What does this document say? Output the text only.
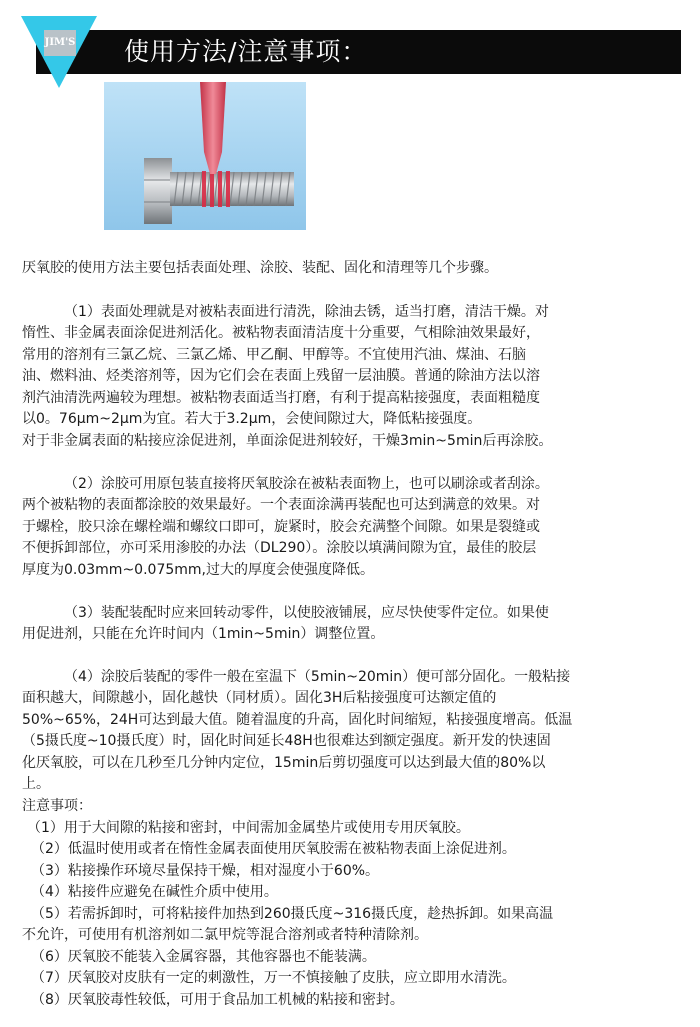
使用方法/注意事项：
JIM'S
厌氧胶的使用方法主要包括表面处理、涂胶、装配、固化和清理等几个步骤。
（1）表面处理就是对被粘表面进行清洗，除油去锈，适当打磨，清洁干燥。对
惰性、非金属表面涂促进剂活化。被粘物表面清洁度十分重要，气相除油效果最好，
常用的溶剂有三氯乙烷、三氯乙烯、甲乙酮、甲醇等。不宜使用汽油、煤油、石脑
油、燃料油、烃类溶剂等，因为它们会在表面上残留一层油膜。普通的除油方法以溶
剂汽油清洗两遍较为理想。被粘物表面适当打磨，有利于提高粘接强度，表面粗糙度
以0。76μm~2μm为宜。若大于3.2μm，会使间隙过大，降低粘接强度。
对于非金属表面的粘接应涂促进剂，单面涂促进剂较好，干燥3min~5min后再涂胶。
（2）涂胶可用原包装直接将厌氧胶涂在被粘表面物上，也可以刷涂或者刮涂。
两个被粘物的表面都涂胶的效果最好。一个表面涂满再装配也可达到满意的效果。对
于螺栓，胶只涂在螺栓端和螺纹口即可，旋紧时，胶会充满整个间隙。如果是裂缝或
不便拆卸部位，亦可采用渗胶的办法（DL290）。涂胶以填满间隙为宜，最佳的胶层
厚度为0.03mm~0.075mm,过大的厚度会使强度降低。
（3）装配装配时应来回转动零件，以使胶液铺展，应尽快使零件定位。如果使
用促进剂，只能在允许时间内（1min~5min）调整位置。
（4）涂胶后装配的零件一般在室温下（5min~20min）便可部分固化。一般粘接
面积越大，间隙越小，固化越快（同材质）。固化3H后粘接强度可达额定值的
50%~65%，24H可达到最大值。随着温度的升高，固化时间缩短，粘接强度增高。低温
（5摄氏度~10摄氏度）时，固化时间延长48H也很难达到额定强度。新开发的快速固
化厌氧胶，可以在几秒至几分钟内定位，15min后剪切强度可以达到最大值的80%以
上。
注意事项：
（1）用于大间隙的粘接和密封，中间需加金属垫片或使用专用厌氧胶。
（2）低温时使用或者在惰性金属表面使用厌氧胶需在被粘物表面上涂促进剂。
（3）粘接操作环境尽量保持干燥，相对湿度小于60%。
（4）粘接件应避免在碱性介质中使用。
（5）若需拆卸时，可将粘接件加热到260摄氏度~316摄氏度，趁热拆卸。如果高温
不允许，可使用有机溶剂如二氯甲烷等混合溶剂或者特种清除剂。
（6）厌氧胶不能装入金属容器，其他容器也不能装满。
（7）厌氧胶对皮肤有一定的刺激性，万一不慎接触了皮肤，应立即用水清洗。
（8）厌氧胶毒性较低，可用于食品加工机械的粘接和密封。
